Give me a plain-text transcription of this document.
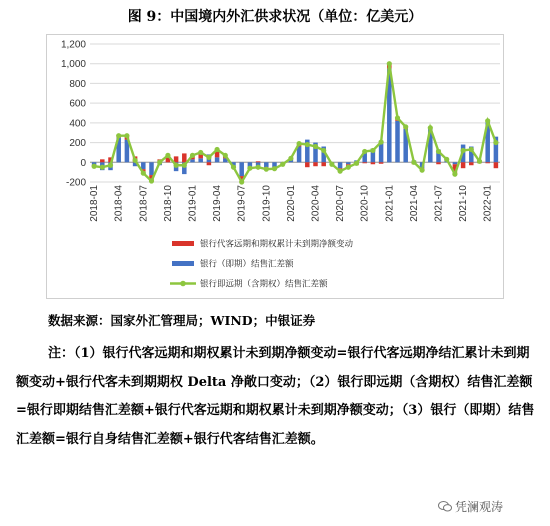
图 9：中国境内外汇供求状况（单位：亿美元）
-200
0
200
400
600
800
1,000
1,200
2018-01 2018-04 2018-07 2018-10 2019-01 2019-04 2019-07 2019-10 2020-01 2020-04 2020-07 2020-10 2021-01 2021-04 2021-07 2021-10 2022-01
银行代客远期和期权累计未到期净额变动
银行（即期）结售汇差额
银行即远期（含期权）结售汇差额
数据来源：国家外汇管理局；WIND；中银证券

注：（1）银行代客远期和期权累计未到期净额变动=银行代客远期净结汇累计未到期额变动+银行代客未到期期权 Delta 净敞口变动；（2）银行即远期（含期权）结售汇差额=银行即期结售汇差额+银行代客远期和期权累计未到期净额变动；（3）银行（即期）结售汇差额=银行自身结售汇差额+银行代客结售汇差额。

凭澜观涛
